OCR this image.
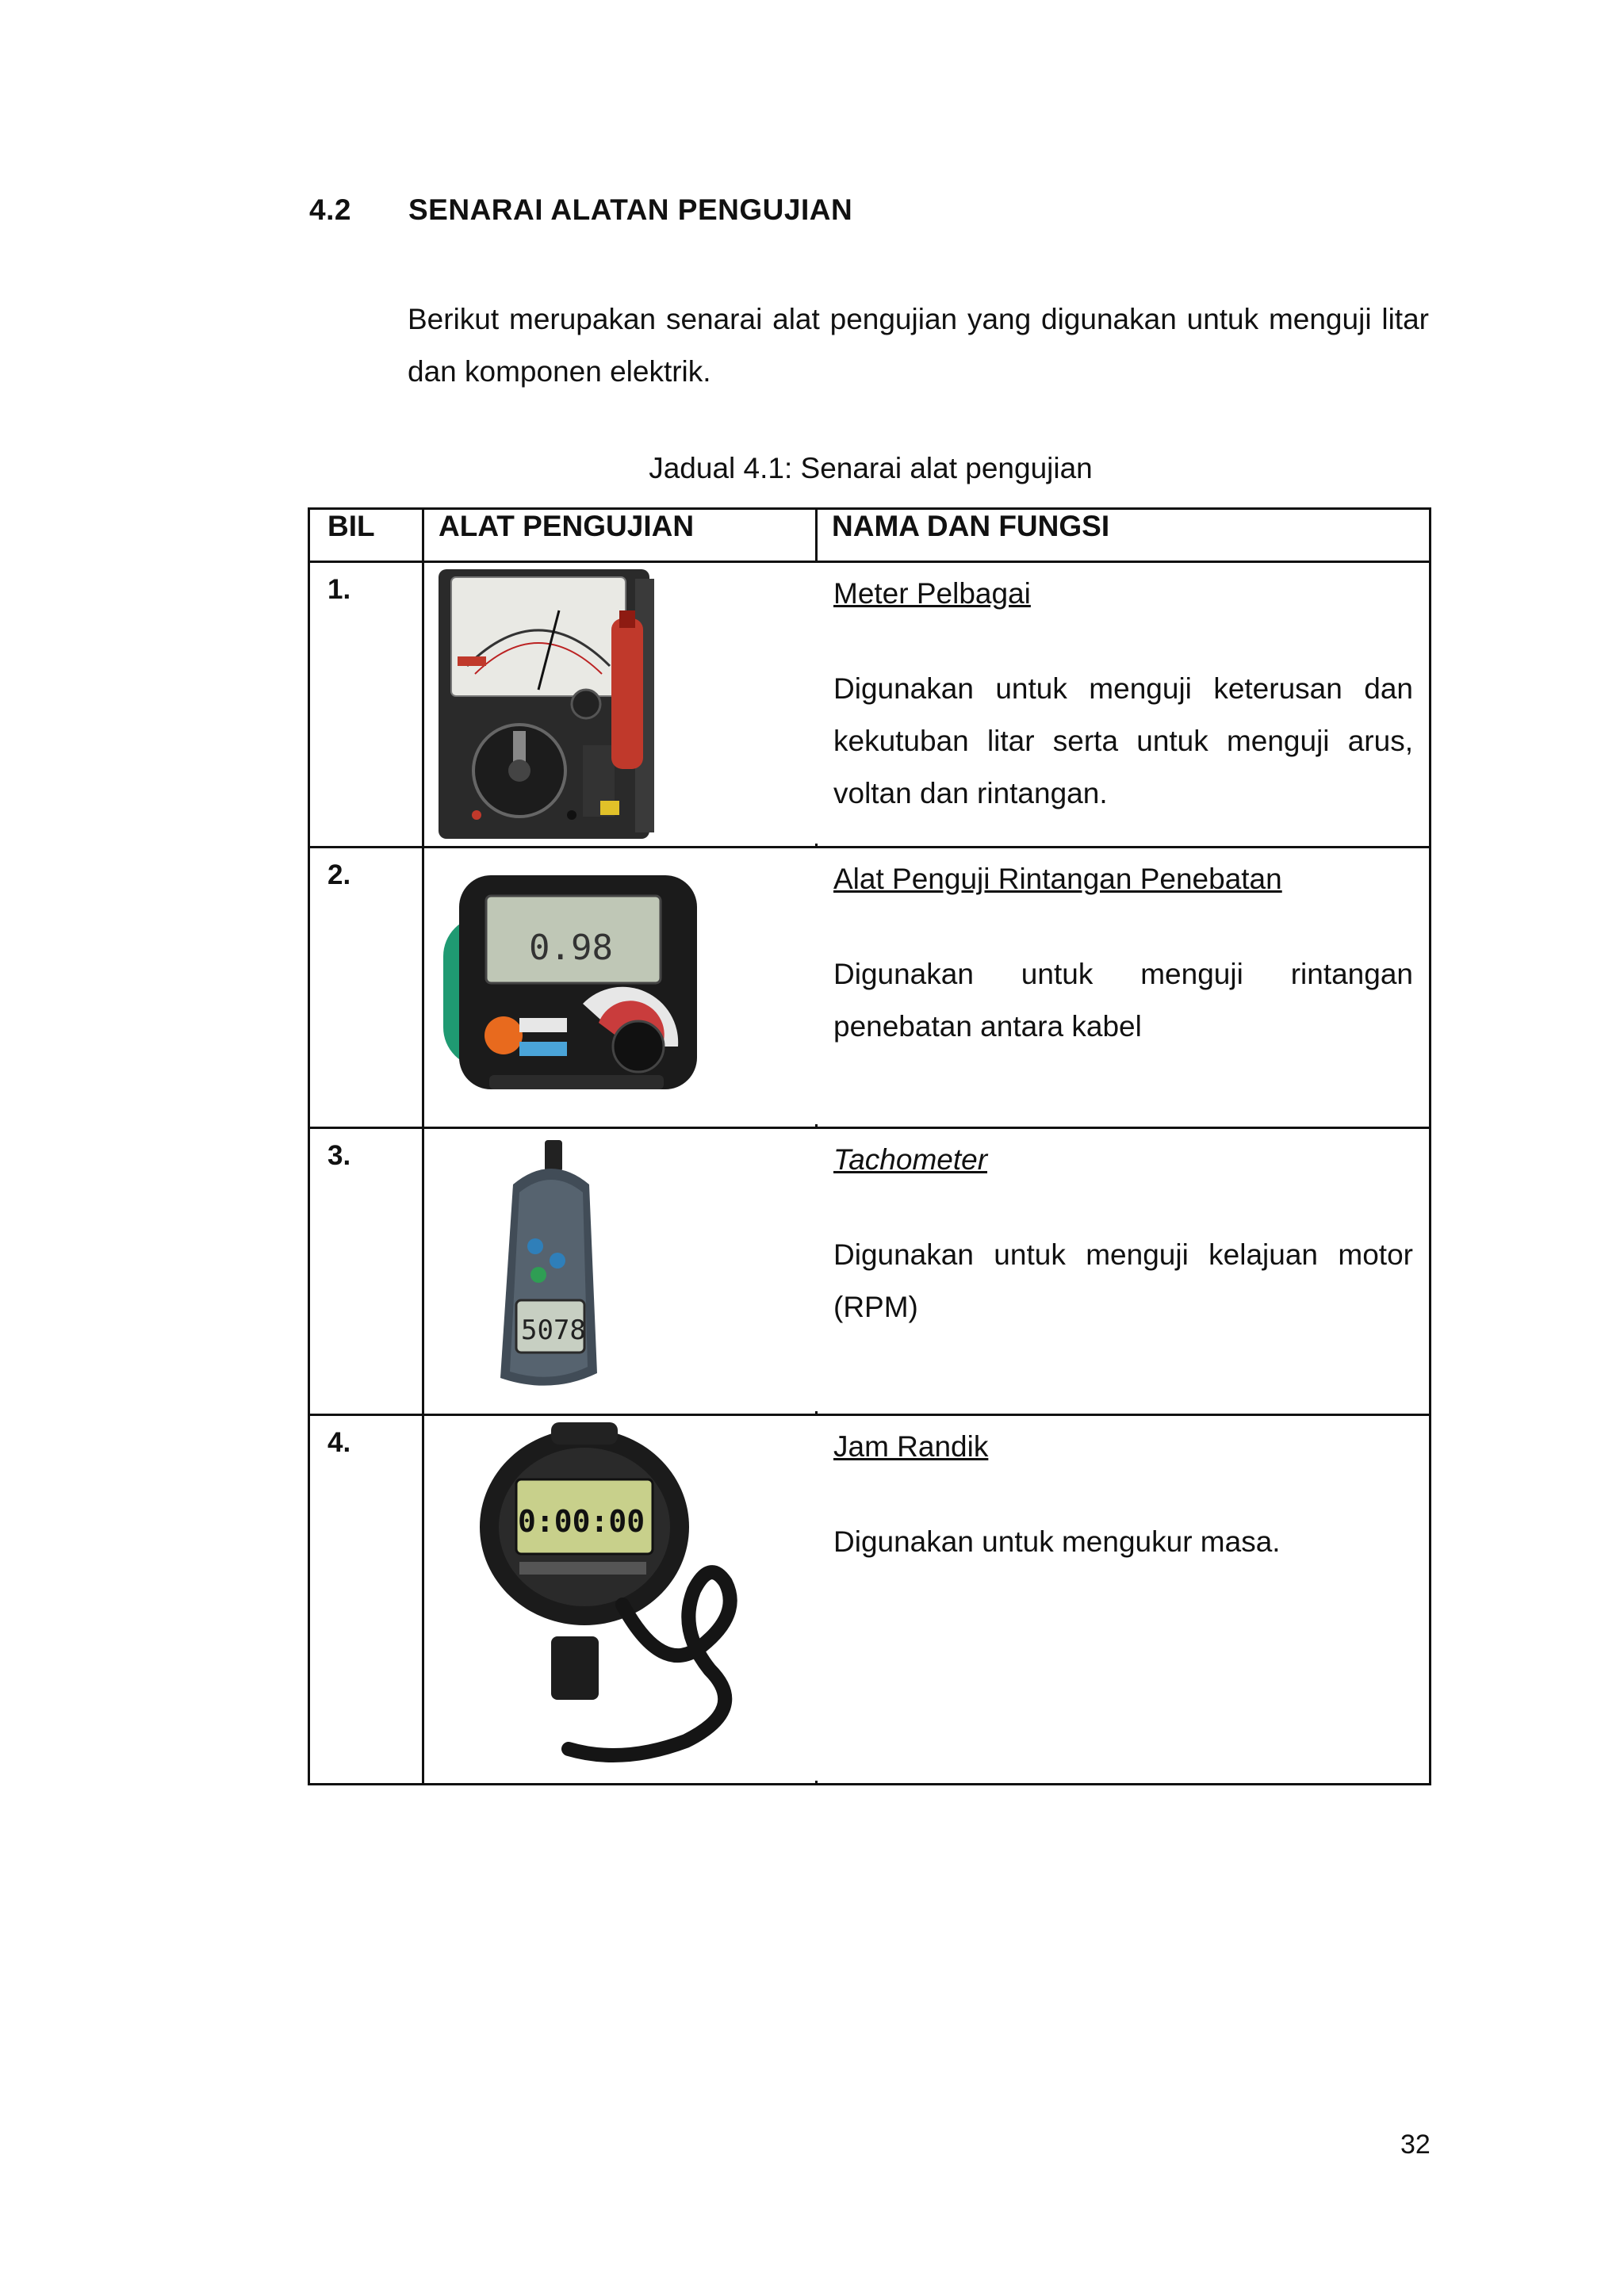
4.2 SENARAI ALATAN PENGUJIAN
Berikut merupakan senarai alat pengujian yang digunakan untuk menguji litar dan komponen elektrik.
Jadual 4.1: Senarai alat pengujian
BIL	ALAT PENGUJIAN	NAMA DAN FUNGSI
1.		Meter Pelbagai
Digunakan untuk menguji keterusan dan kekutuban litar serta untuk menguji arus, voltan dan rintangan.

2.	0.98	Alat Penguji Rintangan Penebatan
Digunakan untuk menguji rintangan penebatan antara kabel

3.	5078	Tachometer
Digunakan untuk menguji kelajuan motor (RPM)

4.	0:00:00	Jam Randik
Digunakan untuk mengukur masa.
32
